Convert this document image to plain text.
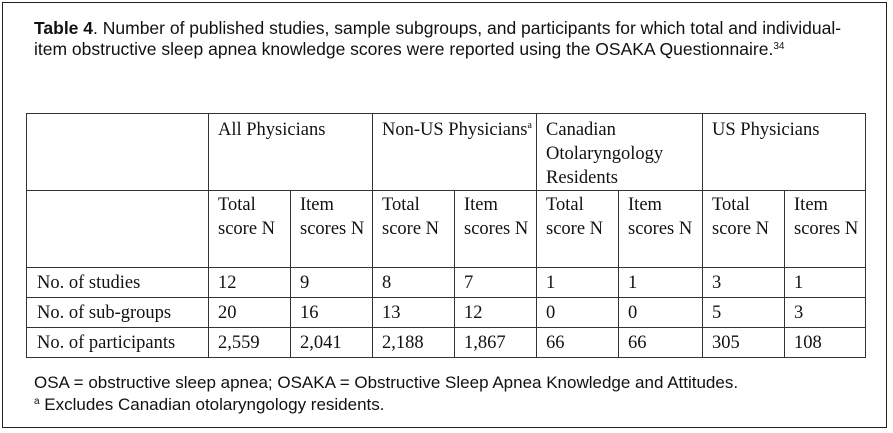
Table 4. Number of published studies, sample subgroups, and participants for which total and individual-item obstructive sleep apnea knowledge scores were reported using the OSAKA Questionnaire.$^{34}$
	All Physicians		Non-US Physicians$^a$		Canadian Otolaryngology Residents		US Physicians	
	Total score N	Item scores N	Total score N	Item scores N	Total score N	Item scores N	Total score N	Item scores N
No. of studies	12	9	8	7	1	1	3	1
No. of sub-groups	20	16	13	12	0	0	5	3
No. of participants	2,559	2,041	2,188	1,867	66	66	305	108
OSA = obstructive sleep apnea; OSAKA = Obstructive Sleep Apnea Knowledge and Attitudes.
$^a$ Excludes Canadian otolaryngology residents.
